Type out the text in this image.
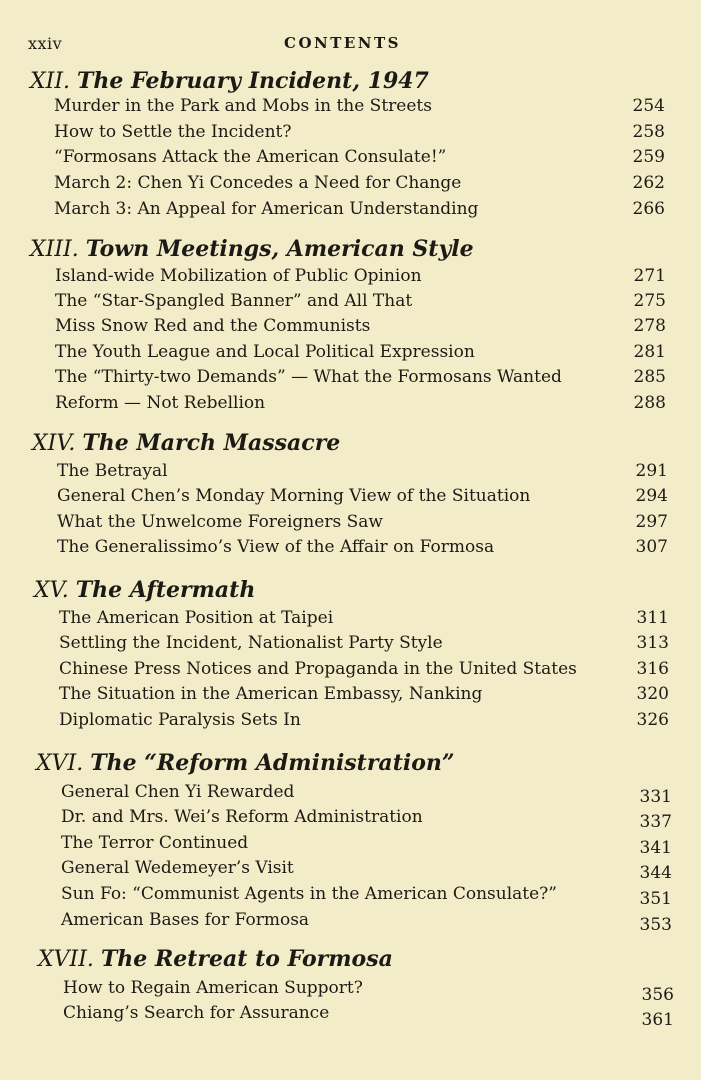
xxiv	CONTENTS
XII. The February Incident, 1947
Murder in the Park and Mobs in the Streets	254
How to Settle the Incident?	258
“Formosans Attack the American Consulate!”	259
March 2: Chen Yi Concedes a Need for Change	262
March 3: An Appeal for American Understanding	266
XIII. Town Meetings, American Style
Island-wide Mobilization of Public Opinion	271
The “Star-Spangled Banner” and All That	275
Miss Snow Red and the Communists	278
The Youth League and Local Political Expression	281
The “Thirty-two Demands” — What the Formosans Wanted	285
Reform — Not Rebellion	288
XIV. The March Massacre
The Betrayal	291
General Chen’s Monday Morning View of the Situation	294
What the Unwelcome Foreigners Saw	297
The Generalissimo’s View of the Affair on Formosa	307
XV. The Aftermath
The American Position at Taipei	311
Settling the Incident, Nationalist Party Style	313
Chinese Press Notices and Propaganda in the United States	316
The Situation in the American Embassy, Nanking	320
Diplomatic Paralysis Sets In	326
XVI. The “Reform Administration”
General Chen Yi Rewarded	331
Dr. and Mrs. Wei’s Reform Administration	337
The Terror Continued	341
General Wedemeyer’s Visit	344
Sun Fo: “Communist Agents in the American Consulate?”	351
American Bases for Formosa	353
XVII. The Retreat to Formosa
How to Regain American Support?	356
Chiang’s Search for Assurance	361
